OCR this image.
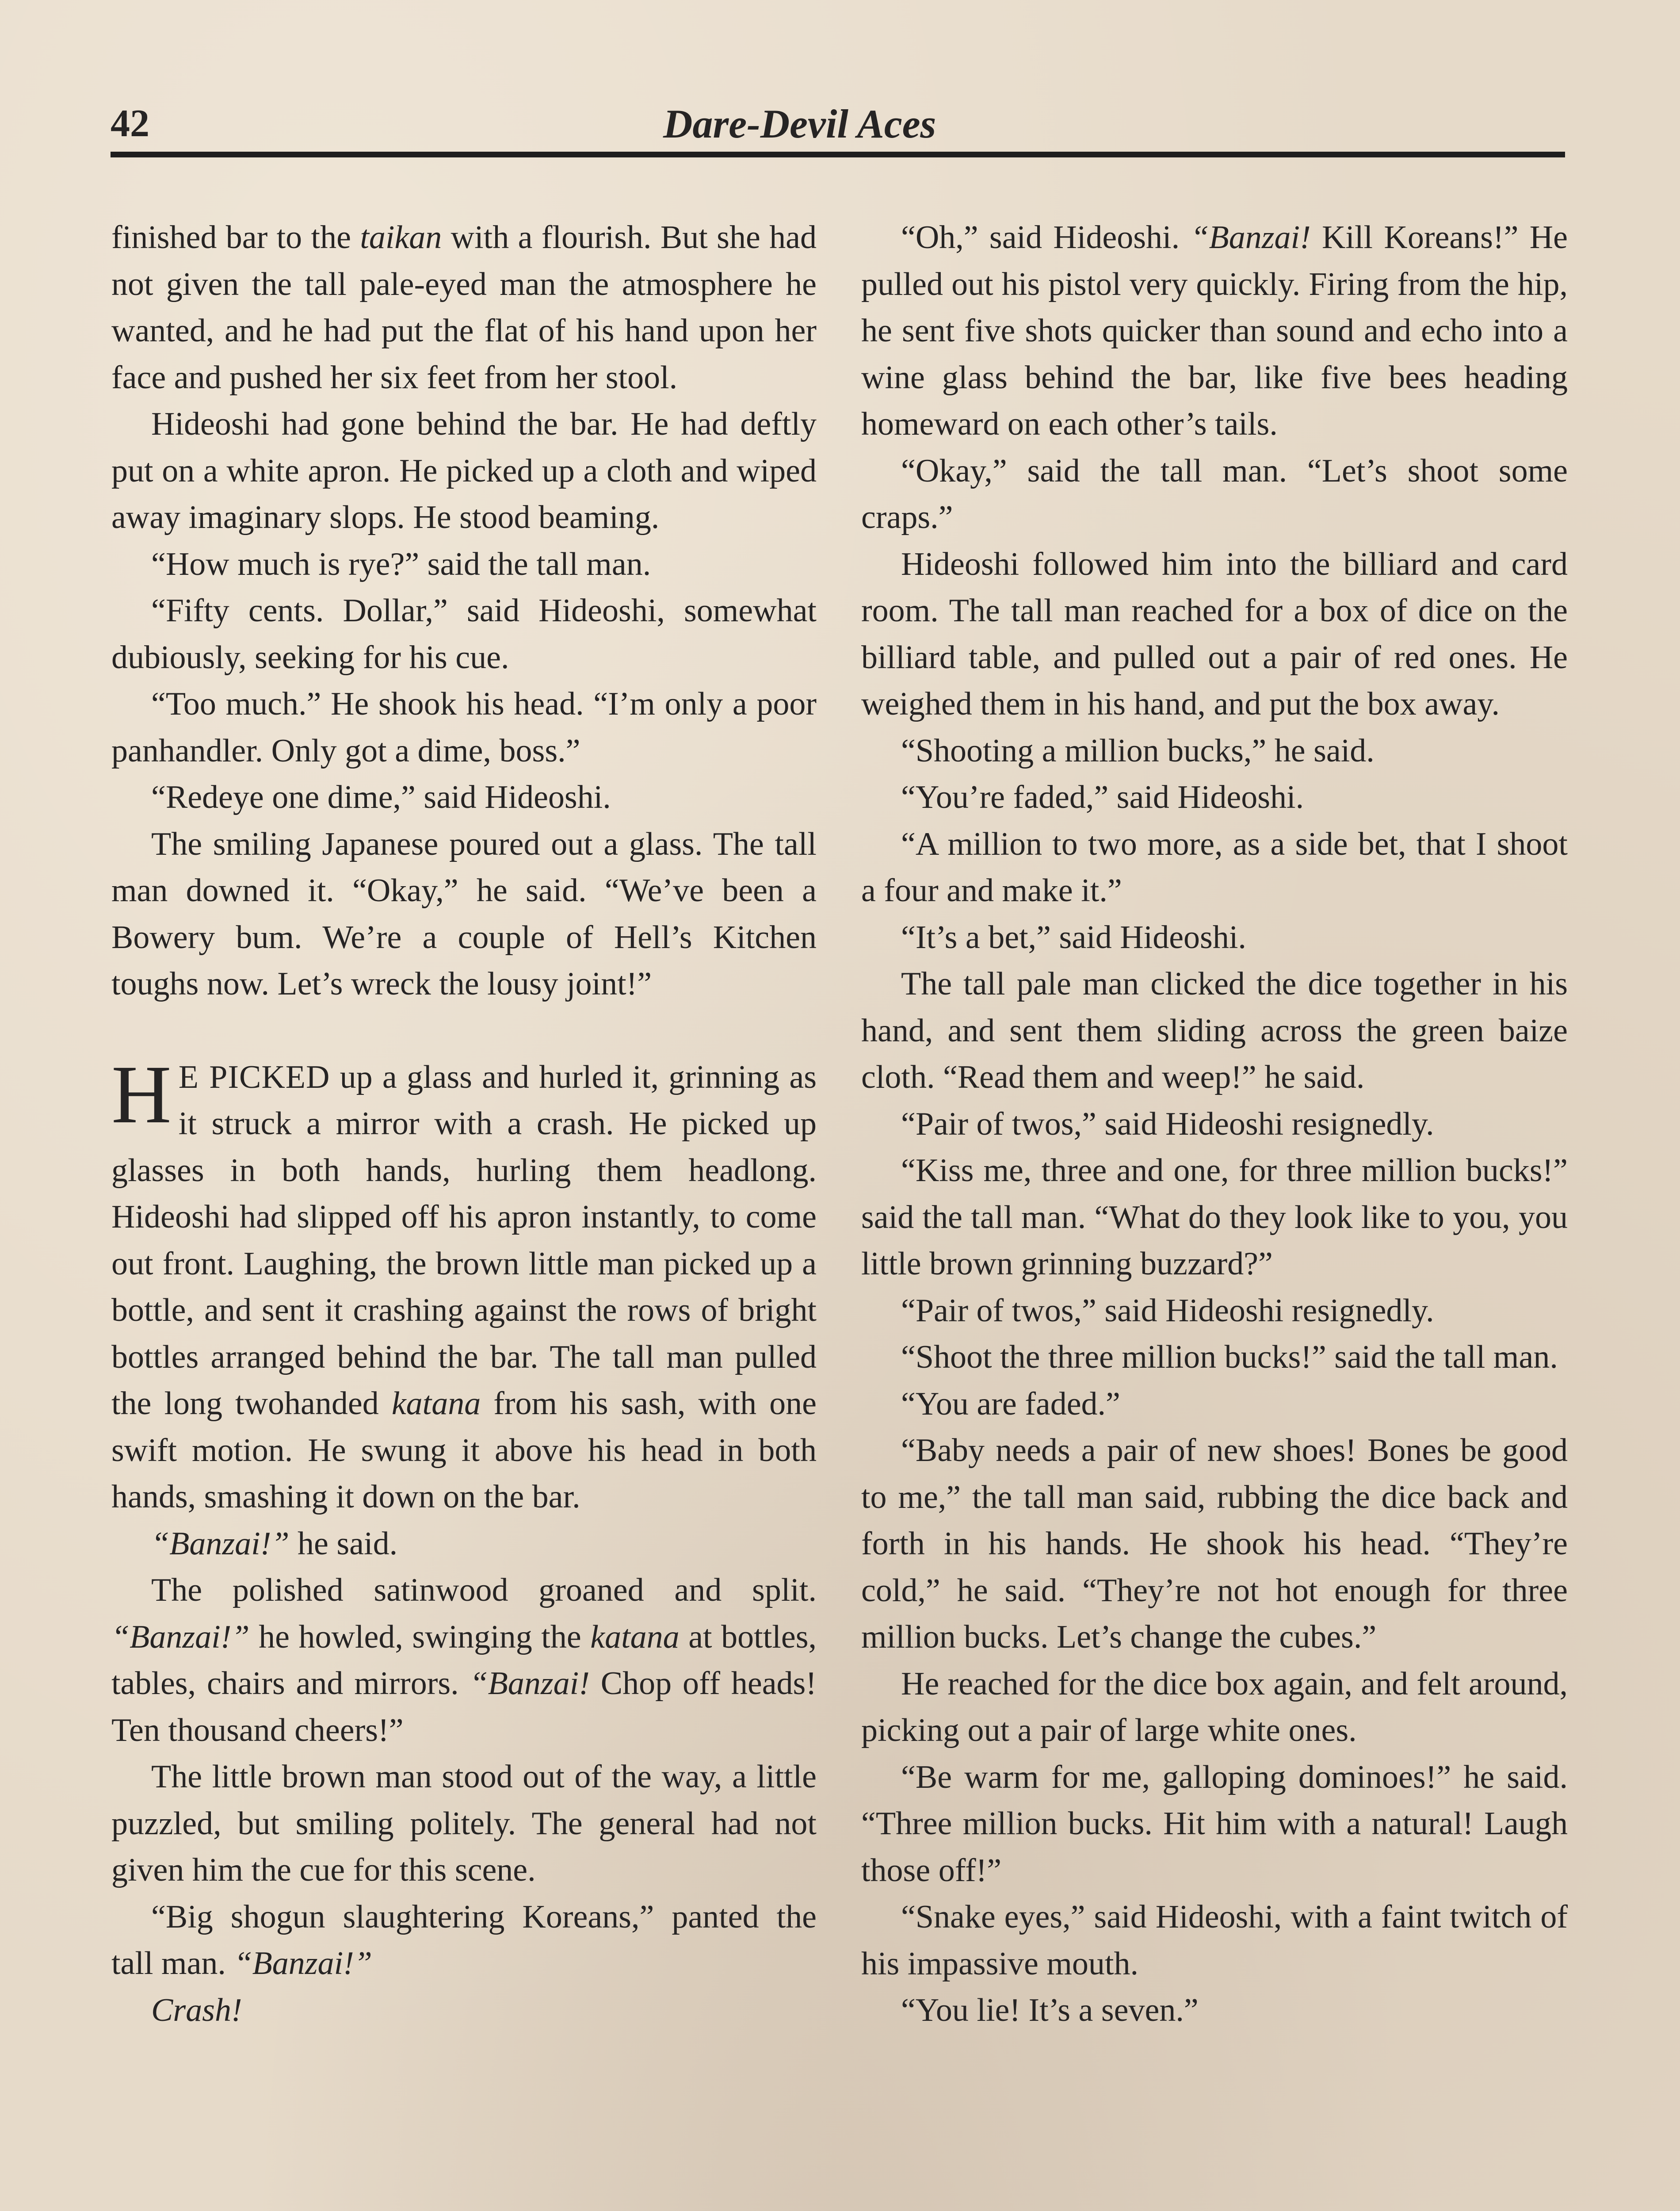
42	Dare-Devil Aces

finished bar to the taikan with a flourish. But she had not given the tall pale-eyed man the atmosphere he wanted, and he had put the flat of his hand upon her face and pushed her six feet from her stool.

Hideoshi had gone behind the bar. He had deftly put on a white apron. He picked up a cloth and wiped away imaginary slops. He stood beaming.

“How much is rye?” said the tall man.

“Fifty cents. Dollar,” said Hideoshi, somewhat dubiously, seeking for his cue.

“Too much.” He shook his head. “I’m only a poor panhandler. Only got a dime, boss.”

“Redeye one dime,” said Hideoshi.

The smiling Japanese poured out a glass. The tall man downed it. “Okay,” he said. “We’ve been a Bowery bum. We’re a couple of Hell’s Kitchen toughs now. Let’s wreck the lousy joint!”

H E PICKED up a glass and hurled it, grinning as it struck a mirror with a crash. He picked up glasses in both hands, hurling them headlong. Hideoshi had slipped off his apron instantly, to come out front. Laughing, the brown little man picked up a bottle, and sent it crashing against the rows of bright bottles arranged behind the bar. The tall man pulled the long twohanded katana from his sash, with one swift motion. He swung it above his head in both hands, smashing it down on the bar.

“Banzai!” he said.

The polished satinwood groaned and split. “Banzai!” he howled, swinging the katana at bottles, tables, chairs and mirrors. “Banzai! Chop off heads! Ten thousand cheers!”

The little brown man stood out of the way, a little puzzled, but smiling politely. The general had not given him the cue for this scene.

“Big shogun slaughtering Koreans,” panted the tall man. “Banzai!”

Crash!

“Oh,” said Hideoshi. “Banzai! Kill Koreans!” He pulled out his pistol very quickly. Firing from the hip, he sent five shots quicker than sound and echo into a wine glass behind the bar, like five bees heading homeward on each other’s tails.

“Okay,” said the tall man. “Let’s shoot some craps.”

Hideoshi followed him into the billiard and card room. The tall man reached for a box of dice on the billiard table, and pulled out a pair of red ones. He weighed them in his hand, and put the box away.

“Shooting a million bucks,” he said.

“You’re faded,” said Hideoshi.

“A million to two more, as a side bet, that I shoot a four and make it.”

“It’s a bet,” said Hideoshi.

The tall pale man clicked the dice together in his hand, and sent them sliding across the green baize cloth. “Read them and weep!” he said.

“Pair of twos,” said Hideoshi resignedly.

“Kiss me, three and one, for three million bucks!” said the tall man. “What do they look like to you, you little brown grinning buzzard?”

“Pair of twos,” said Hideoshi resignedly.

“Shoot the three million bucks!” said the tall man.

“You are faded.”

“Baby needs a pair of new shoes! Bones be good to me,” the tall man said, rubbing the dice back and forth in his hands. He shook his head. “They’re cold,” he said. “They’re not hot enough for three million bucks. Let’s change the cubes.”

He reached for the dice box again, and felt around, picking out a pair of large white ones.

“Be warm for me, galloping dominoes!” he said. “Three million bucks. Hit him with a natural! Laugh those off!”

“Snake eyes,” said Hideoshi, with a faint twitch of his impassive mouth.

“You lie! It’s a seven.”
